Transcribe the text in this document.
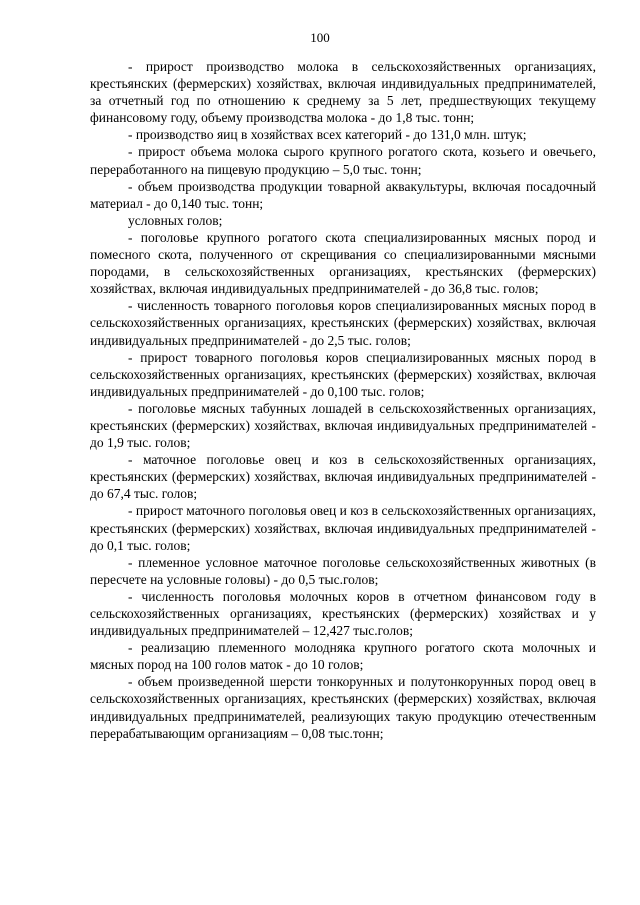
100

- прирост производство молока в сельскохозяйственных организациях, крестьянских (фермерских) хозяйствах, включая индивидуальных предпринимателей, за отчетный год по отношению к среднему за 5 лет, предшествующих текущему финансовому году, объему производства молока - до 1,8 тыс. тонн;

- производство яиц в хозяйствах всех категорий - до 131,0 млн. штук;

- прирост объема молока сырого крупного рогатого скота, козьего и овечьего, переработанного на пищевую продукцию – 5,0 тыс. тонн;

- объем производства продукции товарной аквакультуры, включая посадочный материал - до 0,140 тыс. тонн;

условных голов;

- поголовье крупного рогатого скота специализированных мясных пород и помесного скота, полученного от скрещивания со специализированными мясными породами, в сельскохозяйственных организациях, крестьянских (фермерских) хозяйствах, включая индивидуальных предпринимателей - до 36,8 тыс. голов;

- численность товарного поголовья коров специализированных мясных пород в сельскохозяйственных организациях, крестьянских (фермерских) хозяйствах, включая индивидуальных предпринимателей - до 2,5 тыс. голов;

- прирост товарного поголовья коров специализированных мясных пород в сельскохозяйственных организациях, крестьянских (фермерских) хозяйствах, включая индивидуальных предпринимателей - до 0,100 тыс. голов;

- поголовье мясных табунных лошадей в сельскохозяйственных организациях, крестьянских (фермерских) хозяйствах, включая индивидуальных предпринимателей - до 1,9 тыс. голов;

- маточное поголовье овец и коз в сельскохозяйственных организациях, крестьянских (фермерских) хозяйствах, включая индивидуальных предпринимателей - до 67,4 тыс. голов;

- прирост маточного поголовья овец и коз в сельскохозяйственных организациях, крестьянских (фермерских) хозяйствах, включая индивидуальных предпринимателей - до 0,1 тыс. голов;

- племенное условное маточное поголовье сельскохозяйственных животных (в пересчете на условные головы) - до 0,5 тыс.голов;

- численность поголовья молочных коров в отчетном финансовом году в сельскохозяйственных организациях, крестьянских (фермерских) хозяйствах и у индивидуальных предпринимателей – 12,427 тыс.голов;

- реализацию племенного молодняка крупного рогатого скота молочных и мясных пород на 100 голов маток - до 10 голов;

- объем произведенной шерсти тонкорунных и полутонкорунных пород овец в сельскохозяйственных организациях, крестьянских (фермерских) хозяйствах, включая индивидуальных предпринимателей, реализующих такую продукцию отечественным перерабатывающим организациям – 0,08 тыс.тонн;
